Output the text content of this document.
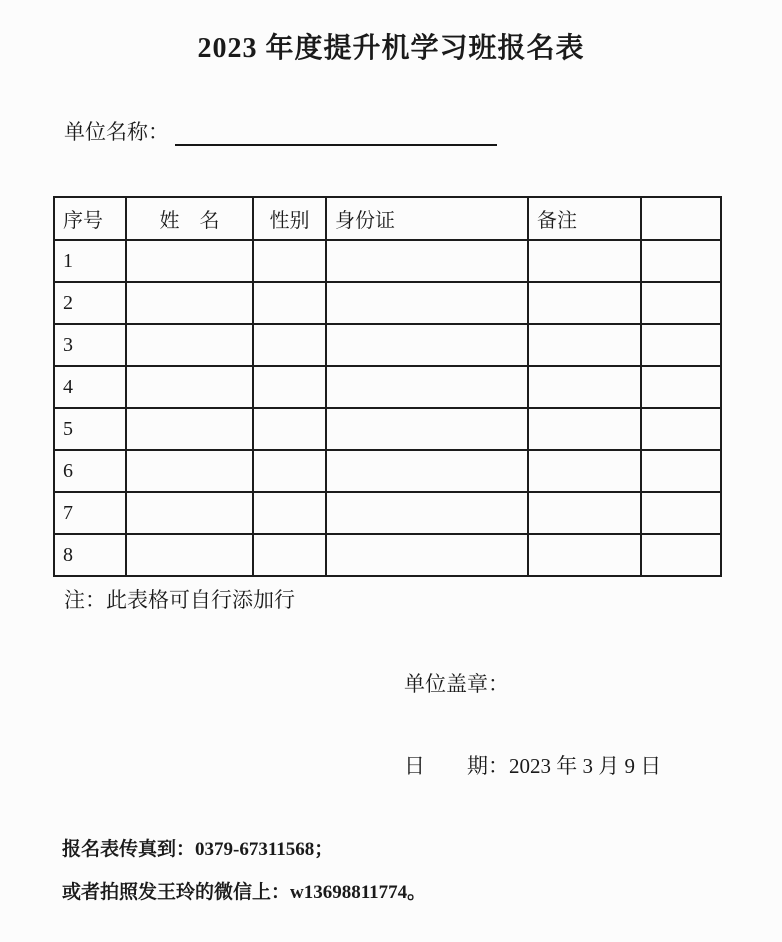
2023 年度提升机学习班报名表
单位名称：
序号	姓　名	性别	身份证	备注	
1					
2					
3					
4					
5					
6					
7					
8					
注：此表格可自行添加行
单位盖章：
日　　期：2023 年 3 月 9 日
报名表传真到：0379-67311568；
或者拍照发王玲的微信上：w13698811774。
